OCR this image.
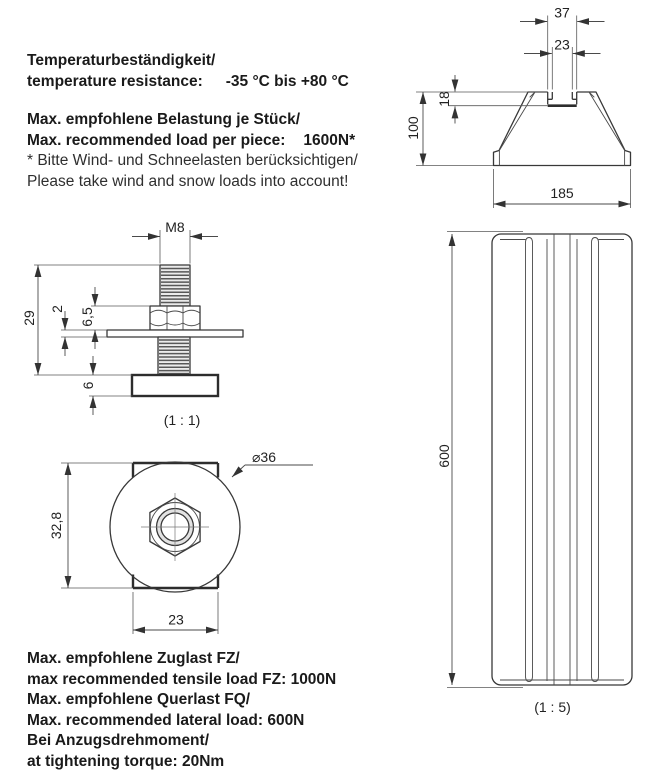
Temperaturbeständigkeit/
temperature resistance: -35 °C bis +80 °C
Max. empfohlene Belastung je Stück/
Max. recommended load per piece: 1600N*
* Bitte Wind- und Schneelasten berücksichtigen/
Please take wind and snow loads into account!
Max. empfohlene Zuglast FZ/
max recommended tensile load FZ: 1000N
Max. empfohlene Querlast FQ/
Max. recommended lateral load: 600N
Bei Anzugsdrehmoment/
at tightening torque: 20Nm
37
23
18
100
185
M8
29
2 6,5
6
(1 : 1)
32,8
23
⌀36	600
(1 : 5)
